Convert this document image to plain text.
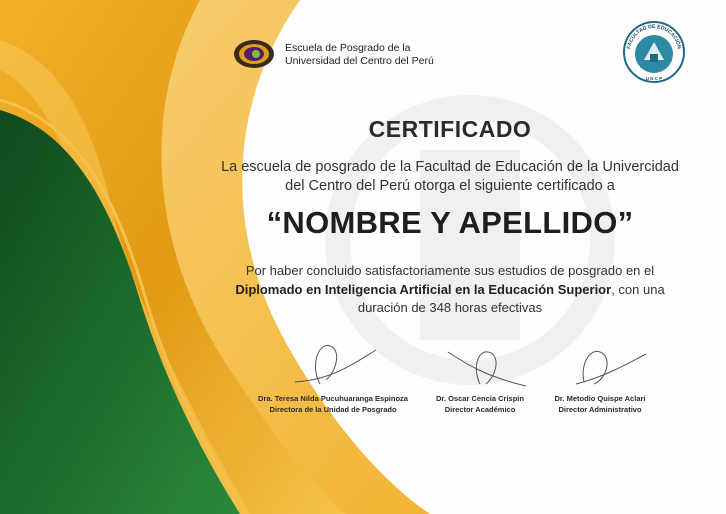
Escuela de Posgrado de la
Universidad del Centro del Perú
FACULTAD DE EDUCACIÓN
U N C P
CERTIFICADO
La escuela de posgrado de la Facultad de Educación de la Univercidad
del Centro del Perú otorga el siguiente certificado a
“NOMBRE Y APELLIDO”
Por haber concluido satisfactoriamente sus estudios de posgrado en el Diplomado en Inteligencia Artificial en la Educación Superior, con una duración de 348 horas efectivas
Dra. Teresa Nilda Pucuhuaranga Espinoza
Directora de la Unidad de Posgrado
Dr. Oscar Cencia Crispín
Director Académico
Dr. Metodio Quispe Aclari
Director Administrativo
